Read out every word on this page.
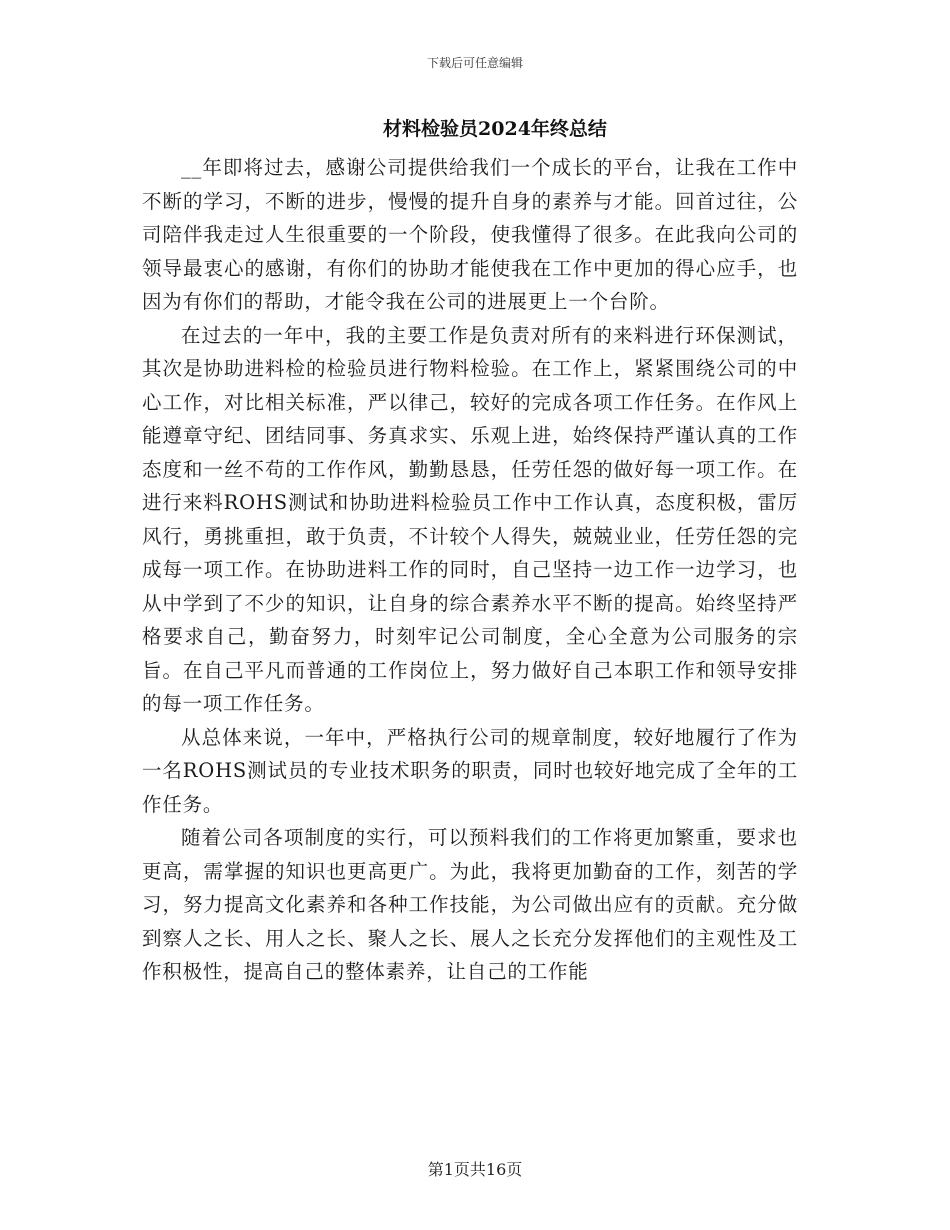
下载后可任意编辑
材料检验员2024年终总结

__年即将过去，感谢公司提供给我们一个成长的平台，让我在工作中不断的学习，不断的进步，慢慢的提升自身的素养与才能。回首过往，公司陪伴我走过人生很重要的一个阶段，使我懂得了很多。在此我向公司的领导最衷心的感谢，有你们的协助才能使我在工作中更加的得心应手，也因为有你们的帮助，才能令我在公司的进展更上一个台阶。

在过去的一年中，我的主要工作是负责对所有的来料进行环保测试，其次是协助进料检的检验员进行物料检验。在工作上，紧紧围绕公司的中心工作，对比相关标准，严以律己，较好的完成各项工作任务。在作风上能遵章守纪、团结同事、务真求实、乐观上进，始终保持严谨认真的工作态度和一丝不苟的工作作风，勤勤恳恳，任劳任怨的做好每一项工作。在进行来料ROHS测试和协助进料检验员工作中工作认真，态度积极，雷厉风行，勇挑重担，敢于负责，不计较个人得失，兢兢业业，任劳任怨的完成每一项工作。在协助进料工作的同时，自己坚持一边工作一边学习，也从中学到了不少的知识，让自身的综合素养水平不断的提高。始终坚持严格要求自己，勤奋努力，时刻牢记公司制度，全心全意为公司服务的宗旨。在自己平凡而普通的工作岗位上，努力做好自己本职工作和领导安排的每一项工作任务。

从总体来说，一年中，严格执行公司的规章制度，较好地履行了作为一名ROHS测试员的专业技术职务的职责，同时也较好地完成了全年的工作任务。

随着公司各项制度的实行，可以预料我们的工作将更加繁重，要求也更高，需掌握的知识也更高更广。为此，我将更加勤奋的工作，刻苦的学习，努力提高文化素养和各种工作技能，为公司做出应有的贡献。充分做到察人之长、用人之长、聚人之长、展人之长充分发挥他们的主观性及工作积极性，提高自己的整体素养，让自己的工作能

第1页共16页
